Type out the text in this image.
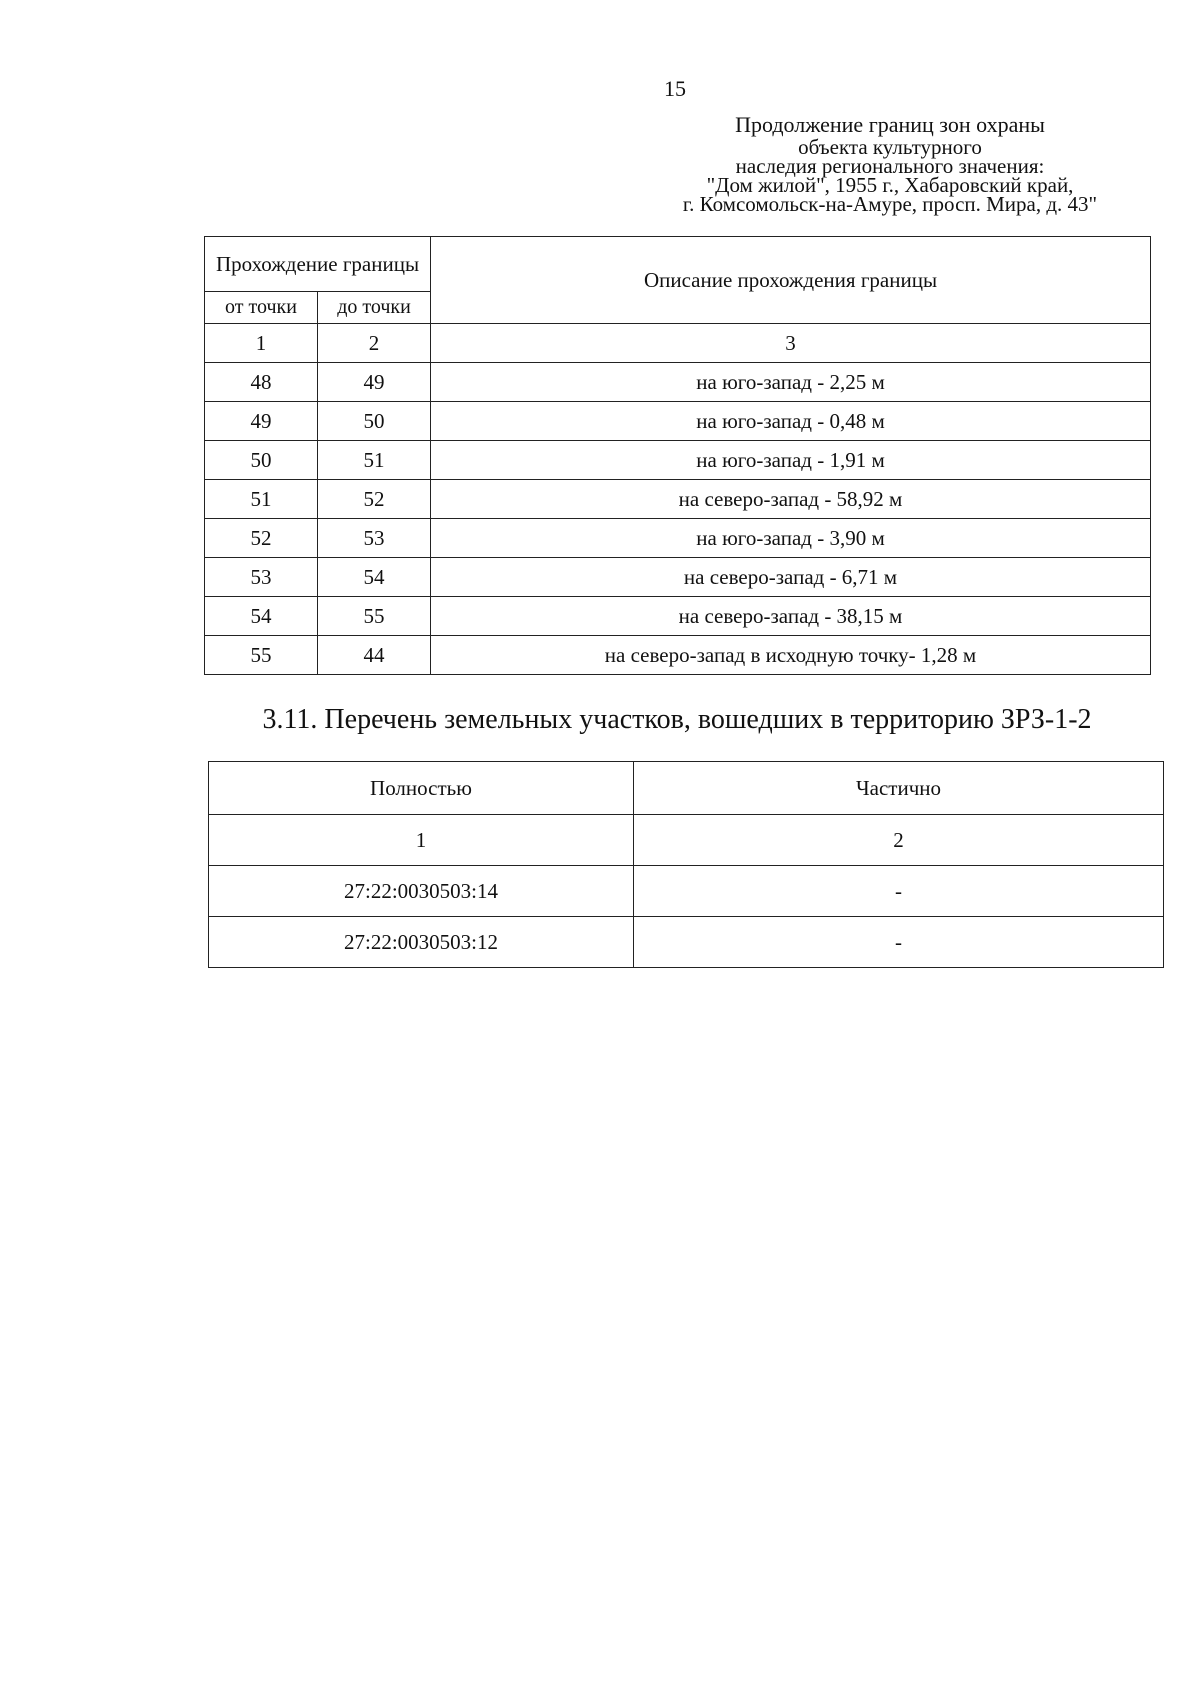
15
Продолжение границ зон охраны
объекта культурного
наследия регионального значения:
"Дом жилой", 1955 г., Хабаровский край,
г. Комсомольск-на-Амуре, просп. Мира, д. 43"
Прохождение границы		Описание прохождения границы
от точки	до точки	
1	2	3
48	49	на юго-запад - 2,25 м
49	50	на юго-запад - 0,48 м
50	51	на юго-запад - 1,91 м
51	52	на северо-запад - 58,92 м
52	53	на юго-запад - 3,90 м
53	54	на северо-запад - 6,71 м
54	55	на северо-запад - 38,15 м
55	44	на северо-запад в исходную точку- 1,28 м
3.11. Перечень земельных участков, вошедших в территорию ЗРЗ-1-2
Полностью	Частично
1	2
27:22:0030503:14	-
27:22:0030503:12	-
